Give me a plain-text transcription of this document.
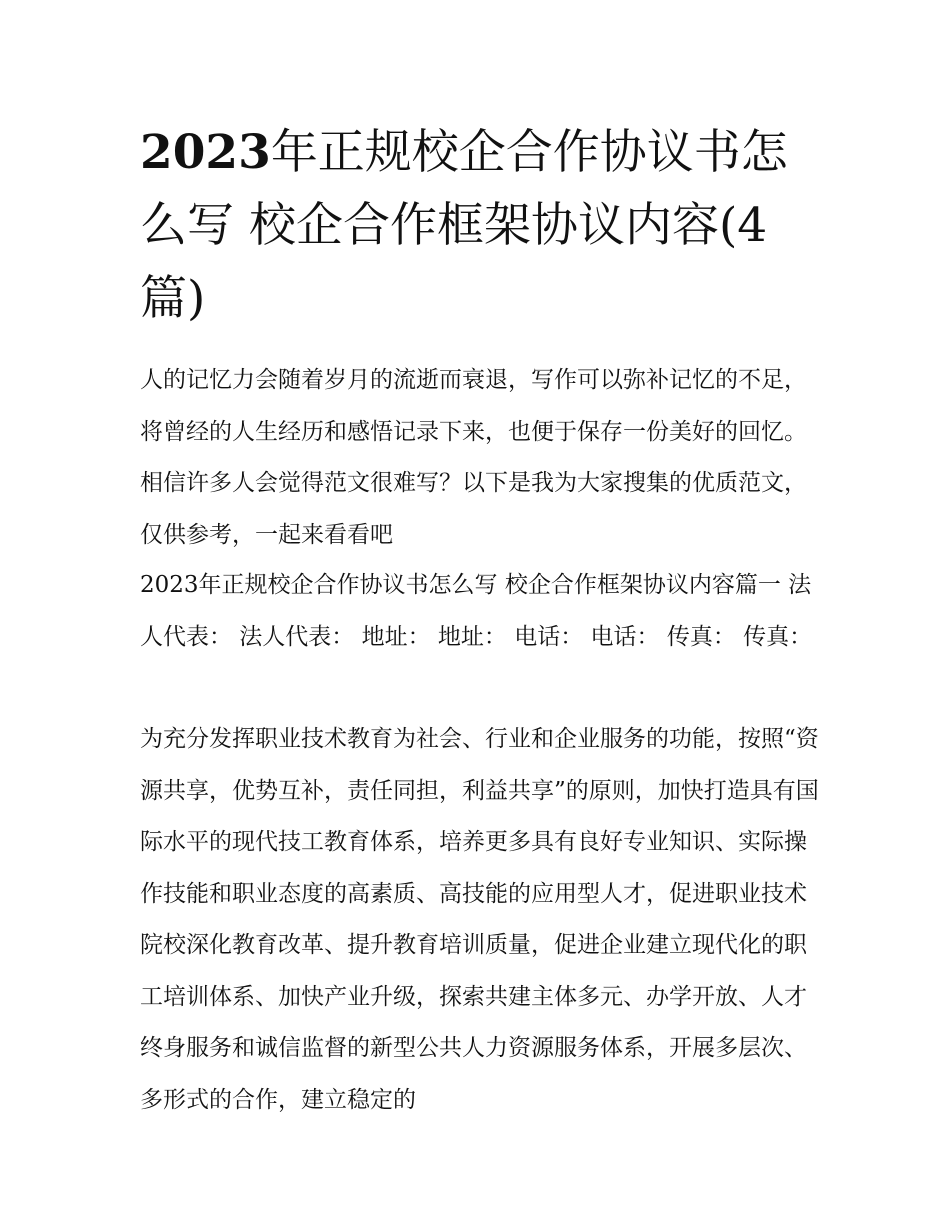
2023年正规校企合作协议书怎么写 校企合作框架协议内容(4篇)

人的记忆力会随着岁月的流逝而衰退，写作可以弥补记忆的不足，将曾经的人生经历和感悟记录下来，也便于保存一份美好的回忆。相信许多人会觉得范文很难写？以下是我为大家搜集的优质范文，仅供参考，一起来看看吧

2023年正规校企合作协议书怎么写 校企合作框架协议内容篇一 法人代表： 法人代表： 地址： 地址： 电话： 电话： 传真： 传真：

为充分发挥职业技术教育为社会、行业和企业服务的功能，按照“资源共享，优势互补，责任同担，利益共享”的原则，加快打造具有国际水平的现代技工教育体系，培养更多具有良好专业知识、实际操作技能和职业态度的高素质、高技能的应用型人才，促进职业技术院校深化教育改革、提升教育培训质量，促进企业建立现代化的职工培训体系、加快产业升级，探索共建主体多元、办学开放、人才终身服务和诚信监督的新型公共人力资源服务体系，开展多层次、多形式的合作，建立稳定的
